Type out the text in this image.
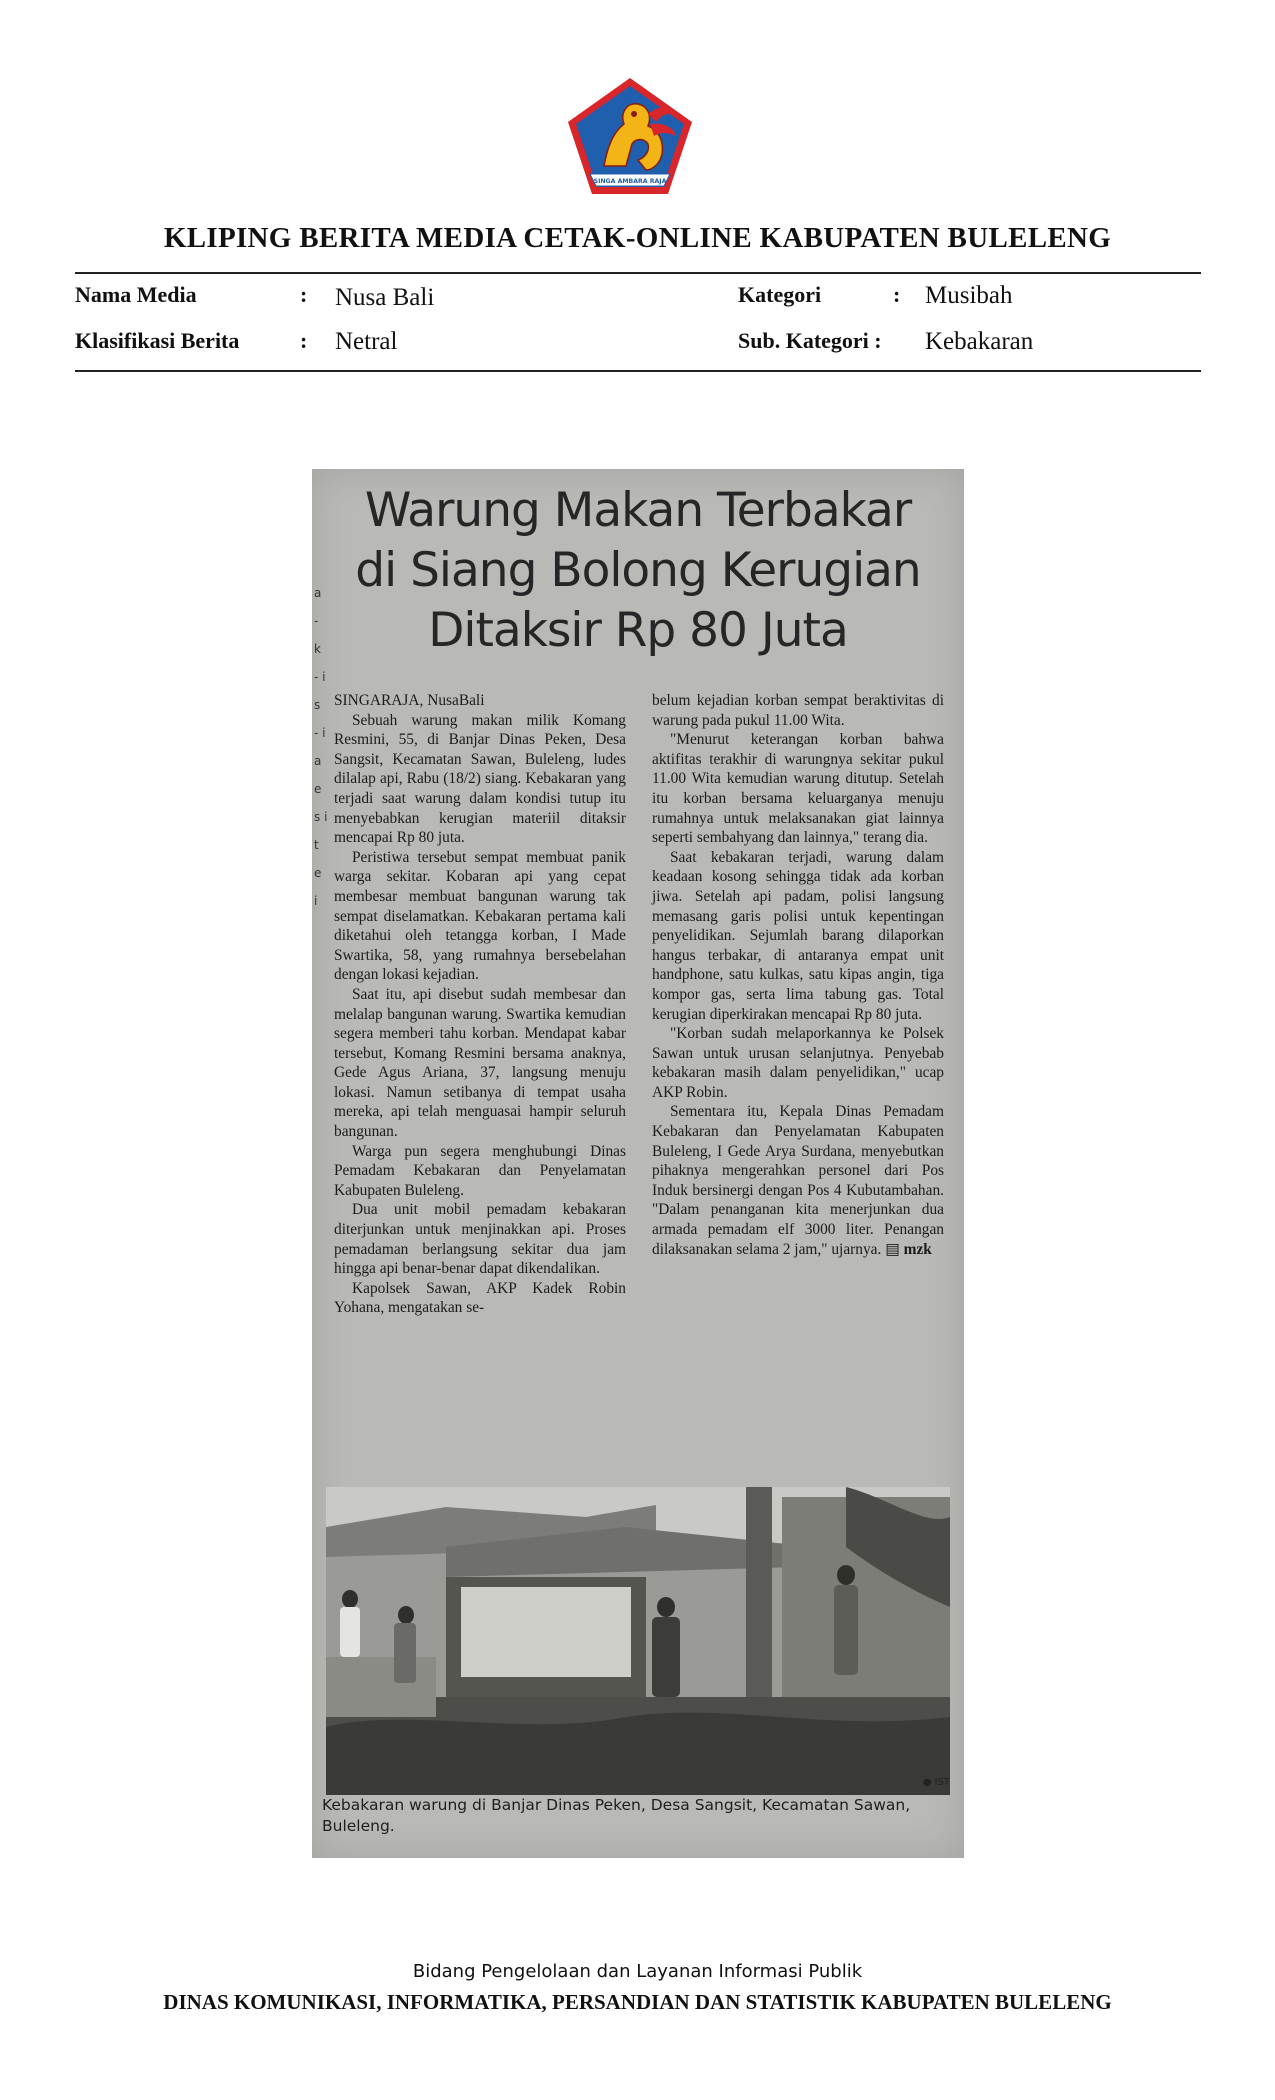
SINGA AMBARA RAJA
KLIPING BERITA MEDIA CETAK-ONLINE KABUPATEN BULELENG
Nama Media	: Nusa Bali
Klasifikasi Berita	: Netral
Kategori	: Musibah
Sub. Kategori : Kebakaran
a - k - i s - i a e s i t e i
Warung Makan Terbakar
di Siang Bolong Kerugian
Ditaksir Rp 80 Juta

SINGARAJA, NusaBali

Sebuah warung makan milik Komang Resmini, 55, di Banjar Dinas Peken, Desa Sangsit, Kecamatan Sawan, Buleleng, ludes dilalap api, Rabu (18/2) siang. Kebakaran yang terjadi saat warung dalam kondisi tutup itu menyebabkan kerugian materiil ditaksir mencapai Rp 80 juta.

Peristiwa tersebut sempat membuat panik warga sekitar. Kobaran api yang cepat membesar membuat bangunan warung tak sempat diselamatkan. Kebakaran pertama kali diketahui oleh tetangga korban, I Made Swartika, 58, yang rumahnya bersebelahan dengan lokasi kejadian.

Saat itu, api disebut sudah membesar dan melalap bangunan warung. Swartika kemudian segera memberi tahu korban. Mendapat kabar tersebut, Komang Resmini bersama anaknya, Gede Agus Ariana, 37, langsung menuju lokasi. Namun setibanya di tempat usaha mereka, api telah menguasai hampir seluruh bangunan.

Warga pun segera menghubungi Dinas Pemadam Kebakaran dan Penyelamatan Kabupaten Buleleng.

Dua unit mobil pemadam kebakaran diterjunkan untuk menjinakkan api. Proses pemadaman berlangsung sekitar dua jam hingga api benar-benar dapat dikendalikan.

Kapolsek Sawan, AKP Kadek Robin Yohana, mengatakan se-

belum kejadian korban sempat beraktivitas di warung pada pukul 11.00 Wita.

"Menurut keterangan korban bahwa aktifitas terakhir di warungnya sekitar pukul 11.00 Wita kemudian warung ditutup. Setelah itu korban bersama keluarganya menuju rumahnya untuk melaksanakan giat lainnya seperti sembahyang dan lainnya," terang dia.

Saat kebakaran terjadi, warung dalam keadaan kosong sehingga tidak ada korban jiwa. Setelah api padam, polisi langsung memasang garis polisi untuk kepentingan penyelidikan. Sejumlah barang dilaporkan hangus terbakar, di antaranya empat unit handphone, satu kulkas, satu kipas angin, tiga kompor gas, serta lima tabung gas. Total kerugian diperkirakan mencapai Rp 80 juta.

"Korban sudah melaporkannya ke Polsek Sawan untuk urusan selanjutnya. Penyebab kebakaran masih dalam penyelidikan," ucap AKP Robin.

Sementara itu, Kepala Dinas Pemadam Kebakaran dan Penyelamatan Kabupaten Buleleng, I Gede Arya Surdana, menyebutkan pihaknya mengerahkan personel dari Pos Induk bersinergi dengan Pos 4 Kubutambahan. "Dalam penanganan kita menerjunkan dua armada pemadam elf 3000 liter. Penangan dilaksanakan selama 2 jam," ujarnya. ▤ mzk

● IST
Kebakaran warung di Banjar Dinas Peken, Desa Sangsit, Kecamatan Sawan, Buleleng.
Bidang Pengelolaan dan Layanan Informasi Publik
DINAS KOMUNIKASI, INFORMATIKA, PERSANDIAN DAN STATISTIK KABUPATEN BULELENG
